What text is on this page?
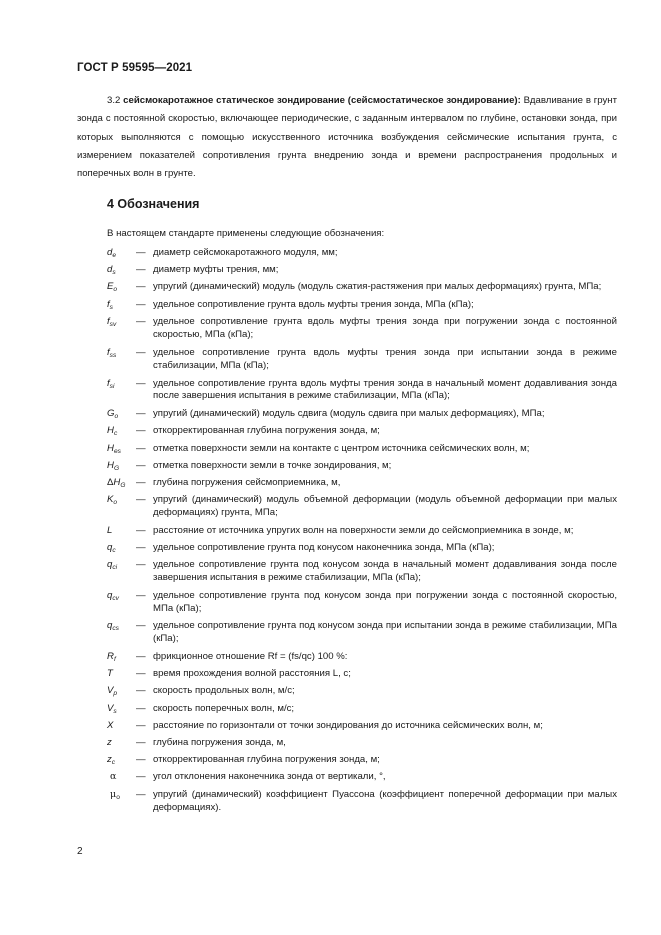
ГОСТ Р 59595—2021
3.2 сейсмокаротажное статическое зондирование (сейсмостатическое зондирование): Вдавливание в грунт зонда с постоянной скоростью, включающее периодические, с заданным интервалом по глубине, остановки зонда, при которых выполняются с помощью искусственного источника возбуждения сейсмические испытания грунта, с измерением показателей сопротивления грунта внедрению зонда и времени распространения продольных и поперечных волн в грунте.
4 Обозначения
В настоящем стандарте применены следующие обозначения:
$d_e$	— диаметр сейсмокаротажного модуля, мм;
$d_s$	— диаметр муфты трения, мм;
$E_o$	— упругий (динамический) модуль (модуль сжатия-растяжения при малых деформациях) грунта, МПа;
$f_s$	— удельное сопротивление грунта вдоль муфты трения зонда, МПа (кПа);
$f_{sv}$	— удельное сопротивление грунта вдоль муфты трения зонда при погружении зонда с постоянной скоростью, МПа (кПа);
$f_{ss}$	— удельное сопротивление грунта вдоль муфты трения зонда при испытании зонда в режиме стабилизации, МПа (кПа);
$f_{si}$	— удельное сопротивление грунта вдоль муфты трения зонда в начальный момент додавливания зонда после завершения испытания в режиме стабилизации, МПа (кПа);
$G_o$	— упругий (динамический) модуль сдвига (модуль сдвига при малых деформациях), МПа;
$H_c$	— откорректированная глубина погружения зонда, м;
$H_{es}$	— отметка поверхности земли на контакте с центром источника сейсмических волн, м;
$H_G$	— отметка поверхности земли в точке зондирования, м;
$\Delta H_G$	— глубина погружения сейсмоприемника, м,
$K_o$	— упругий (динамический) модуль объемной деформации (модуль объемной деформации при малых деформациях) грунта, МПа;
L	— расстояние от источника упругих волн на поверхности земли до сейсмоприемника в зонде, м;
$q_c$	— удельное сопротивление грунта под конусом наконечника зонда, МПа (кПа);
$q_{ci}$	— удельное сопротивление грунта под конусом зонда в начальный момент додавливания зонда после завершения испытания в режиме стабилизации, МПа (кПа);
$q_{cv}$	— удельное сопротивление грунта под конусом зонда при погружении зонда с постоянной скоростью, МПа (кПа);
$q_{cs}$	— удельное сопротивление грунта под конусом зонда при испытании зонда в режиме стабилизации, МПа (кПа);
$R_f$	— фрикционное отношение Rf = (fs/qc) 100 %:
T	— время прохождения волной расстояния L, с;
$V_p$	— скорость продольных волн, м/с;
$V_s$	— скорость поперечных волн, м/с;
X	— расстояние по горизонтали от точки зондирования до источника сейсмических волн, м;
z	— глубина погружения зонда, м,
$z_c$	— откорректированная глубина погружения зонда, м;
α	— угол отклонения наконечника зонда от вертикали, °,
$\mu_o$	— упругий (динамический) коэффициент Пуассона (коэффициент поперечной деформации при малых деформациях).
2
